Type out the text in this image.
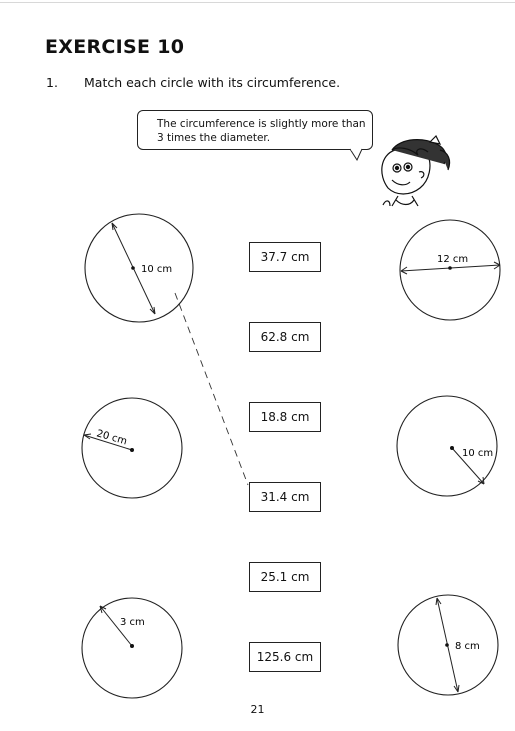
EXERCISE 10
1. Match each circle with its circumference.
The circumference is slightly more than 3 times the diameter.
10 cm
20 cm
3 cm
12 cm
10 cm
8 cm
37.7 cm
62.8 cm
18.8 cm
31.4 cm
25.1 cm
125.6 cm
21
